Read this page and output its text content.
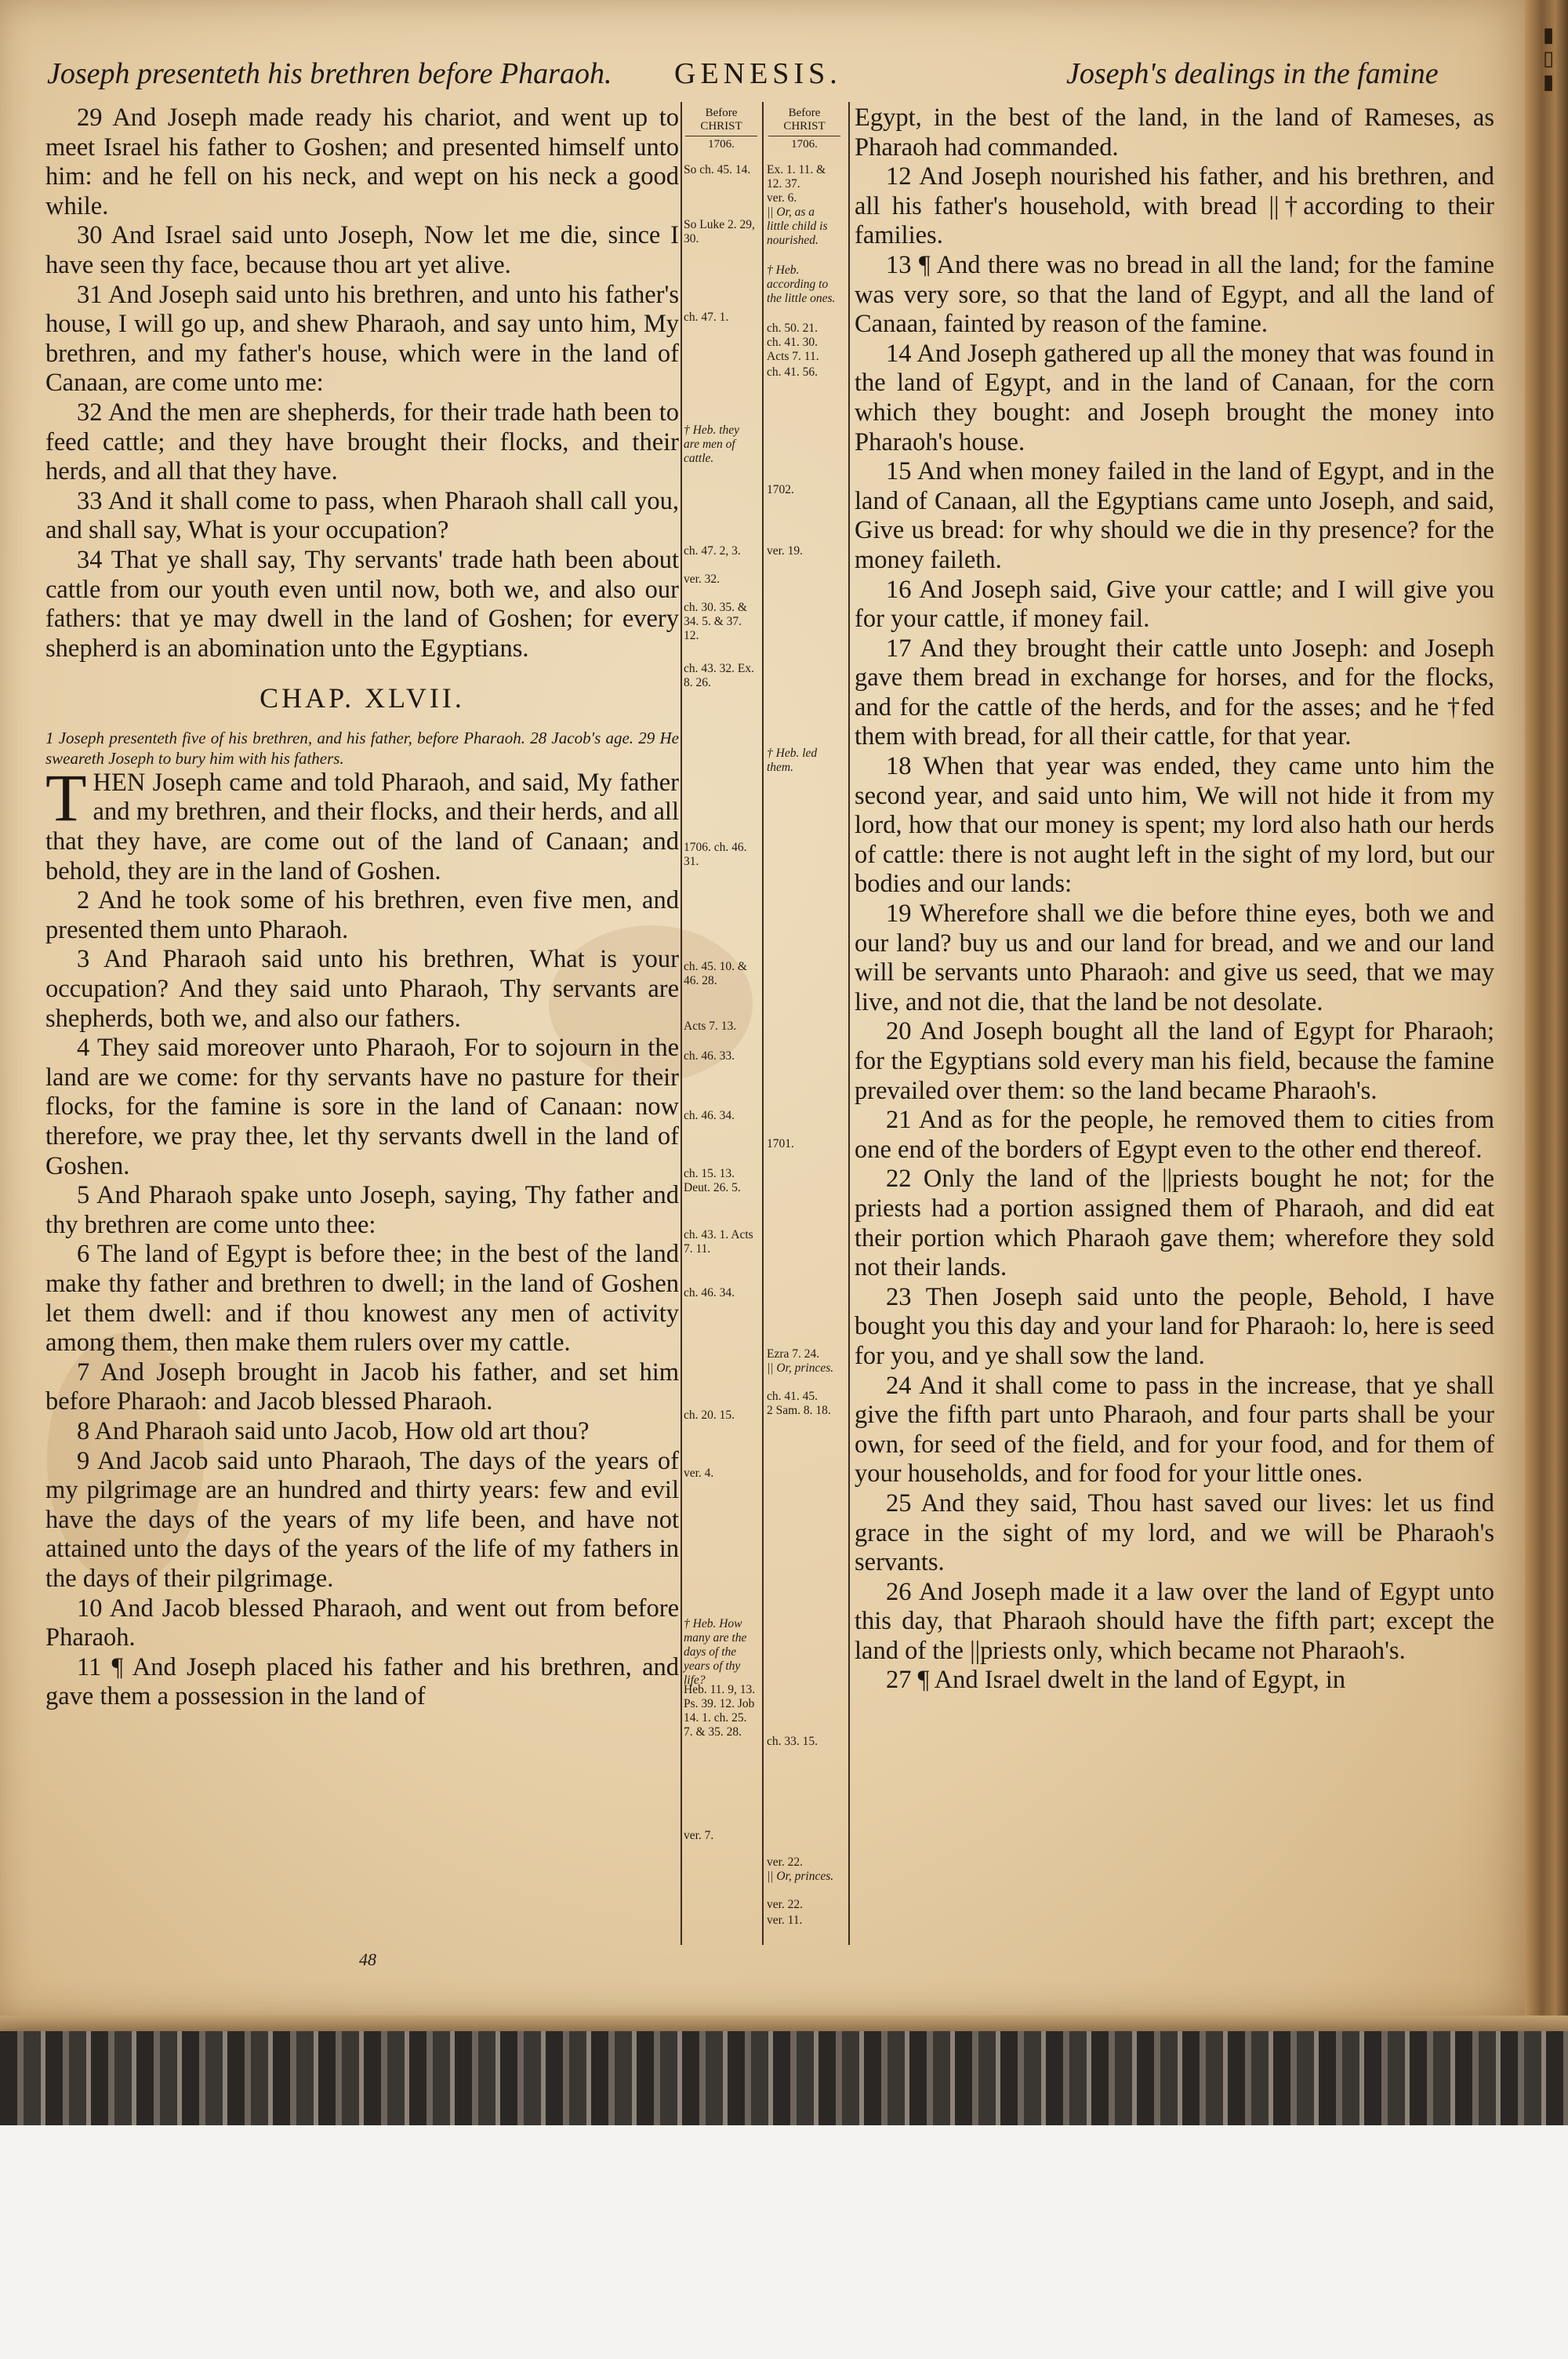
▮▯▮
Joseph presenteth his brethren before Pharaoh. GENESIS.	Joseph's dealings in the famine
Before
CHRIST
1706.
Before
CHRIST
1706.
So ch. 45. 14.
So Luke 2. 29, 30.
ch. 47. 1.
† Heb. they are men of cattle.
ch. 47. 2, 3.
ver. 32.
ch. 30. 35. & 34. 5. & 37. 12.
ch. 43. 32. Ex. 8. 26.
1706. ch. 46. 31.
ch. 45. 10. & 46. 28.
Acts 7. 13.
ch. 46. 33.
ch. 46. 34.
ch. 15. 13. Deut. 26. 5.
ch. 43. 1. Acts 7. 11.
ch. 46. 34.
ch. 20. 15.
ver. 4.
† Heb. How many are the days of the years of thy life?
Heb. 11. 9, 13. Ps. 39. 12. Job 14. 1. ch. 25. 7. & 35. 28.
ver. 7.
Ex. 1. 11. & 12. 37.
ver. 6.
|| Or, as a little child is nourished.
† Heb. according to the little ones.
ch. 50. 21.
ch. 41. 30. Acts 7. 11.
ch. 41. 56.
1702.
ver. 19.
† Heb. led them.
1701.
Ezra 7. 24.
|| Or, princes.
ch. 41. 45.
2 Sam. 8. 18.
ch. 33. 15.
ver. 22.
|| Or, princes.
ver. 22.
ver. 11.

29 And Joseph made ready his chariot, and went up to meet Israel his father to Goshen; and presented himself unto him: and he fell on his neck, and wept on his neck a good while.

30 And Israel said unto Joseph, Now let me die, since I have seen thy face, because thou art yet alive.

31 And Joseph said unto his brethren, and unto his father's house, I will go up, and shew Pharaoh, and say unto him, My brethren, and my father's house, which were in the land of Canaan, are come unto me:

32 And the men are shepherds, for their trade hath been to feed cattle; and they have brought their flocks, and their herds, and all that they have.

33 And it shall come to pass, when Pharaoh shall call you, and shall say, What is your occupation?

34 That ye shall say, Thy servants' trade hath been about cattle from our youth even until now, both we, and also our fathers: that ye may dwell in the land of Goshen; for every shepherd is an abomination unto the Egyptians.

CHAP. XLVII.

1 Joseph presenteth five of his brethren, and his father, before Pharaoh. 28 Jacob's age. 29 He sweareth Joseph to bury him with his fathers.

T HEN Joseph came and told Pharaoh, and said, My father and my brethren, and their flocks, and their herds, and all that they have, are come out of the land of Canaan; and behold, they are in the land of Goshen.

2 And he took some of his brethren, even five men, and presented them unto Pharaoh.

3 And Pharaoh said unto his brethren, What is your occupation? And they said unto Pharaoh, Thy servants are shepherds, both we, and also our fathers.

4 They said moreover unto Pharaoh, For to sojourn in the land are we come: for thy servants have no pasture for their flocks, for the famine is sore in the land of Canaan: now therefore, we pray thee, let thy servants dwell in the land of Goshen.

5 And Pharaoh spake unto Joseph, saying, Thy father and thy brethren are come unto thee:

6 The land of Egypt is before thee; in the best of the land make thy father and brethren to dwell; in the land of Goshen let them dwell: and if thou knowest any men of activity among them, then make them rulers over my cattle.

7 And Joseph brought in Jacob his father, and set him before Pharaoh: and Jacob blessed Pharaoh.

8 And Pharaoh said unto Jacob, How old art thou?

9 And Jacob said unto Pharaoh, The days of the years of my pilgrimage are an hundred and thirty years: few and evil have the days of the years of my life been, and have not attained unto the days of the years of the life of my fathers in the days of their pilgrimage.

10 And Jacob blessed Pharaoh, and went out from before Pharaoh.

11 ¶ And Joseph placed his father and his brethren, and gave them a possession in the land of

Egypt, in the best of the land, in the land of Rameses, as Pharaoh had commanded.

12 And Joseph nourished his father, and his brethren, and all his father's household, with bread ||†according to their families.

13 ¶ And there was no bread in all the land; for the famine was very sore, so that the land of Egypt, and all the land of Canaan, fainted by reason of the famine.

14 And Joseph gathered up all the money that was found in the land of Egypt, and in the land of Canaan, for the corn which they bought: and Joseph brought the money into Pharaoh's house.

15 And when money failed in the land of Egypt, and in the land of Canaan, all the Egyptians came unto Joseph, and said, Give us bread: for why should we die in thy presence? for the money faileth.

16 And Joseph said, Give your cattle; and I will give you for your cattle, if money fail.

17 And they brought their cattle unto Joseph: and Joseph gave them bread in exchange for horses, and for the flocks, and for the cattle of the herds, and for the asses; and he †fed them with bread, for all their cattle, for that year.

18 When that year was ended, they came unto him the second year, and said unto him, We will not hide it from my lord, how that our money is spent; my lord also hath our herds of cattle: there is not aught left in the sight of my lord, but our bodies and our lands:

19 Wherefore shall we die before thine eyes, both we and our land? buy us and our land for bread, and we and our land will be servants unto Pharaoh: and give us seed, that we may live, and not die, that the land be not desolate.

20 And Joseph bought all the land of Egypt for Pharaoh; for the Egyptians sold every man his field, because the famine prevailed over them: so the land became Pharaoh's.

21 And as for the people, he removed them to cities from one end of the borders of Egypt even to the other end thereof.

22 Only the land of the ||priests bought he not; for the priests had a portion assigned them of Pharaoh, and did eat their portion which Pharaoh gave them; wherefore they sold not their lands.

23 Then Joseph said unto the people, Behold, I have bought you this day and your land for Pharaoh: lo, here is seed for you, and ye shall sow the land.

24 And it shall come to pass in the increase, that ye shall give the fifth part unto Pharaoh, and four parts shall be your own, for seed of the field, and for your food, and for them of your households, and for food for your little ones.

25 And they said, Thou hast saved our lives: let us find grace in the sight of my lord, and we will be Pharaoh's servants.

26 And Joseph made it a law over the land of Egypt unto this day, that Pharaoh should have the fifth part; except the land of the ||priests only, which became not Pharaoh's.

27 ¶ And Israel dwelt in the land of Egypt, in

48
